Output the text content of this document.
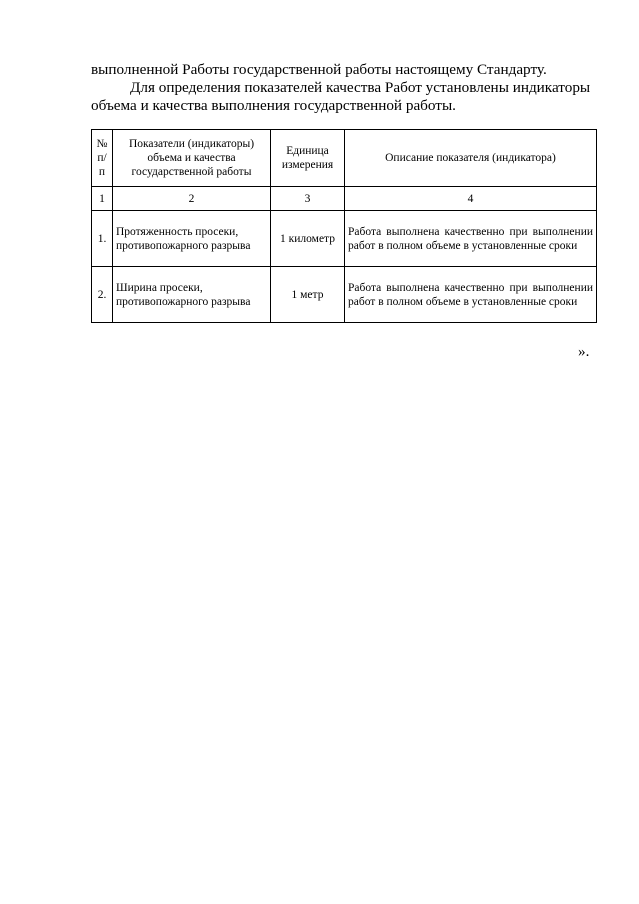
выполненной Работы государственной работы настоящему Стандарту.
Для определения показателей качества Работ установлены индикаторы
объема и качества выполнения государственной работы.
№ п/п	Показатели (индикаторы) объема и качества государственной работы	Единица измерения	Описание показателя (индикатора)
1	2	3	4
1.	Протяженность просеки, противопожарного разрыва	1 километр	Работа выполнена качественно при выполнении работ в полном объеме в установленные сроки
2.	Ширина просеки, противопожарного разрыва	1 метр	Работа выполнена качественно при выполнении работ в полном объеме в установленные сроки
».
